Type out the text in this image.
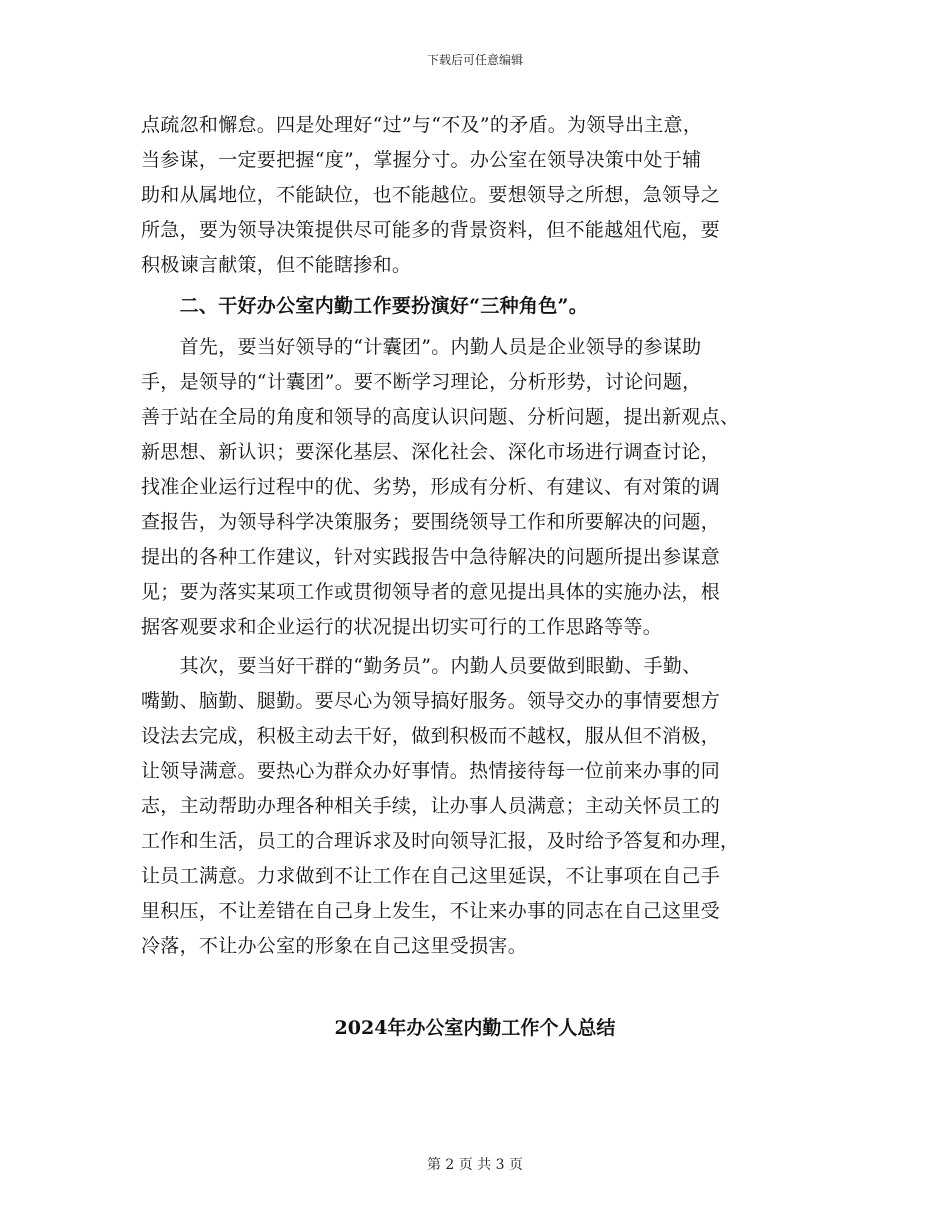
下载后可任意编辑
点疏忽和懈怠。四是处理好“过”与“不及”的矛盾。为领导出主意，
当参谋，一定要把握“度”，掌握分寸。办公室在领导决策中处于辅
助和从属地位，不能缺位，也不能越位。要想领导之所想，急领导之
所急，要为领导决策提供尽可能多的背景资料，但不能越俎代庖，要
积极谏言献策，但不能瞎掺和。
　　二、干好办公室内勤工作要扮演好“三种角色”。
　　首先，要当好领导的“计囊团”。内勤人员是企业领导的参谋助
手，是领导的“计囊团”。要不断学习理论，分析形势，讨论问题，
善于站在全局的角度和领导的高度认识问题、分析问题，提出新观点、
新思想、新认识；要深化基层、深化社会、深化市场进行调查讨论，
找准企业运行过程中的优、劣势，形成有分析、有建议、有对策的调
查报告，为领导科学决策服务；要围绕领导工作和所要解决的问题，
提出的各种工作建议，针对实践报告中急待解决的问题所提出参谋意
见；要为落实某项工作或贯彻领导者的意见提出具体的实施办法，根
据客观要求和企业运行的状况提出切实可行的工作思路等等。
　　其次，要当好干群的“勤务员”。内勤人员要做到眼勤、手勤、
嘴勤、脑勤、腿勤。要尽心为领导搞好服务。领导交办的事情要想方
设法去完成，积极主动去干好，做到积极而不越权，服从但不消极，
让领导满意。要热心为群众办好事情。热情接待每一位前来办事的同
志，主动帮助办理各种相关手续，让办事人员满意；主动关怀员工的
工作和生活，员工的合理诉求及时向领导汇报，及时给予答复和办理，
让员工满意。力求做到不让工作在自己这里延误，不让事项在自己手
里积压，不让差错在自己身上发生，不让来办事的同志在自己这里受
冷落，不让办公室的形象在自己这里受损害。
2024年办公室内勤工作个人总结
第 2 页 共 3 页
